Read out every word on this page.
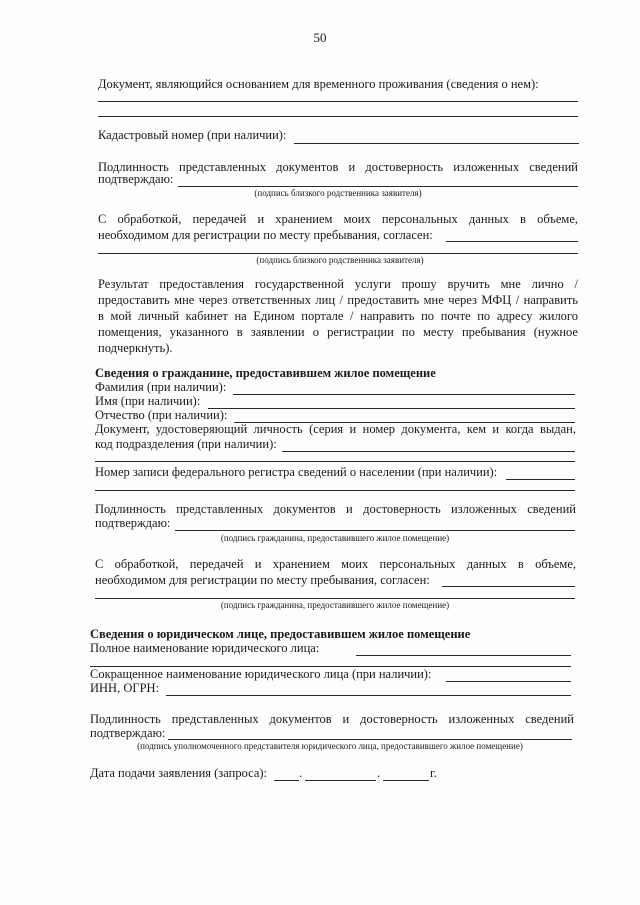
50
Документ, являющийся основанием для временного проживания (сведения о нем):
Кадастровый номер (при наличии):
Подлинность представленных документов и достоверность изложенных сведений
подтверждаю:
(подпись близкого родственника заявителя)
С обработкой, передачей и хранением моих персональных данных в объеме,
необходимом для регистрации по месту пребывания, согласен:
(подпись близкого родственника заявителя)
Результат предоставления государственной услуги прошу вручить мне лично /
предоставить мне через ответственных лиц / предоставить мне через МФЦ / направить
в мой личный кабинет на Едином портале / направить по почте по адресу жилого
помещения, указанного в заявлении о регистрации по месту пребывания (нужное
подчеркнуть).
Сведения о гражданине, предоставившем жилое помещение
Фамилия (при наличии):
Имя (при наличии):
Отчество (при наличии):
Документ, удостоверяющий личность (серия и номер документа, кем и когда выдан,
код подразделения (при наличии):
Номер записи федерального регистра сведений о населении (при наличии):
Подлинность представленных документов и достоверность изложенных сведений
подтверждаю:
(подпись гражданина, предоставившего жилое помещение)
С обработкой, передачей и хранением моих персональных данных в объеме,
необходимом для регистрации по месту пребывания, согласен:
(подпись гражданина, предоставившего жилое помещение)
Сведения о юридическом лице, предоставившем жилое помещение
Полное наименование юридического лица:
Сокращенное наименование юридического лица (при наличии):
ИНН, ОГРН:
Подлинность представленных документов и достоверность изложенных сведений
подтверждаю:
(подпись уполномоченного представителя юридического лица, предоставившего жилое помещение)
Дата подачи заявления (запроса):	.	.	г.
